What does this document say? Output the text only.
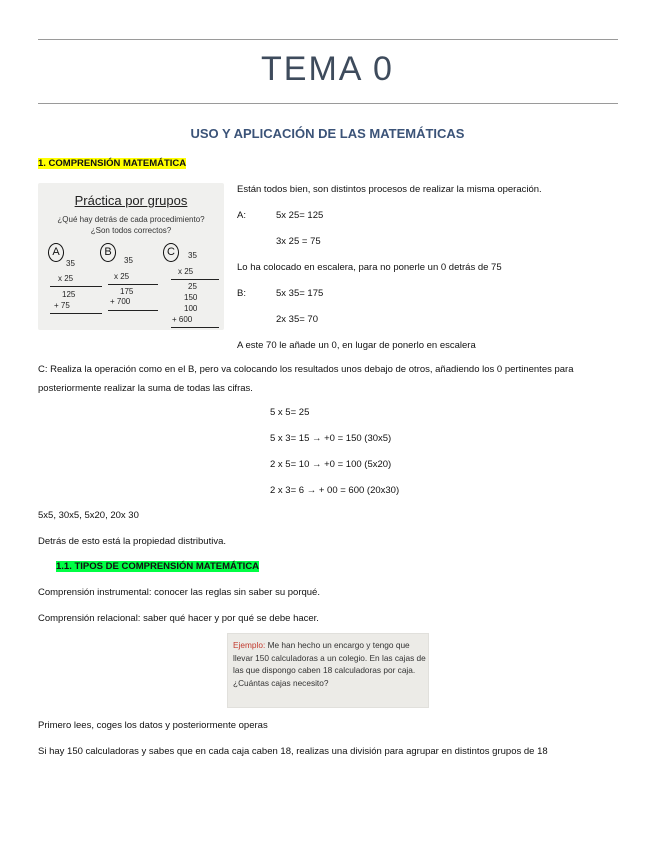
TEMA 0
USO Y APLICACIÓN DE LAS MATEMÁTICAS
1. COMPRENSIÓN MATEMÁTICA
Práctica por grupos
¿Qué hay detrás de cada procedimiento?
¿Son todos correctos?
A
35
x 25
125
+ 75
B
35
x 25
175
+ 700
C	35
x 25
25
150
100
+ 600
Están todos bien, son distintos procesos de realizar la misma operación.
A:	5x 25= 125
3x 25 = 75
Lo ha colocado en escalera, para no ponerle un 0 detrás de 75
B:	5x 35= 175
2x 35= 70
A este 70 le añade un 0, en lugar de ponerlo en escalera
C: Realiza la operación como en el B, pero va colocando los resultados unos debajo de otros, añadiendo los 0 pertinentes para posteriormente realizar la suma de todas las cifras.
5 x 5= 25
5 x 3= 15 → +0 = 150 (30x5)
2 x 5= 10 → +0 = 100 (5x20)
2 x 3= 6 → + 00 = 600 (20x30)
5x5, 30x5, 5x20, 20x 30
Detrás de esto está la propiedad distributiva.
1.1. TIPOS DE COMPRENSIÓN MATEMÁTICA
Comprensión instrumental: conocer las reglas sin saber su porqué.
Comprensión relacional: saber qué hacer y por qué se debe hacer.
Ejemplo: Me han hecho un encargo y tengo que llevar 150 calculadoras a un colegio. En las cajas de las que dispongo caben 18 calculadoras por caja. ¿Cuántas cajas necesito?
Primero lees, coges los datos y posteriormente operas
Si hay 150 calculadoras y sabes que en cada caja caben 18, realizas una división para agrupar en distintos grupos de 18
